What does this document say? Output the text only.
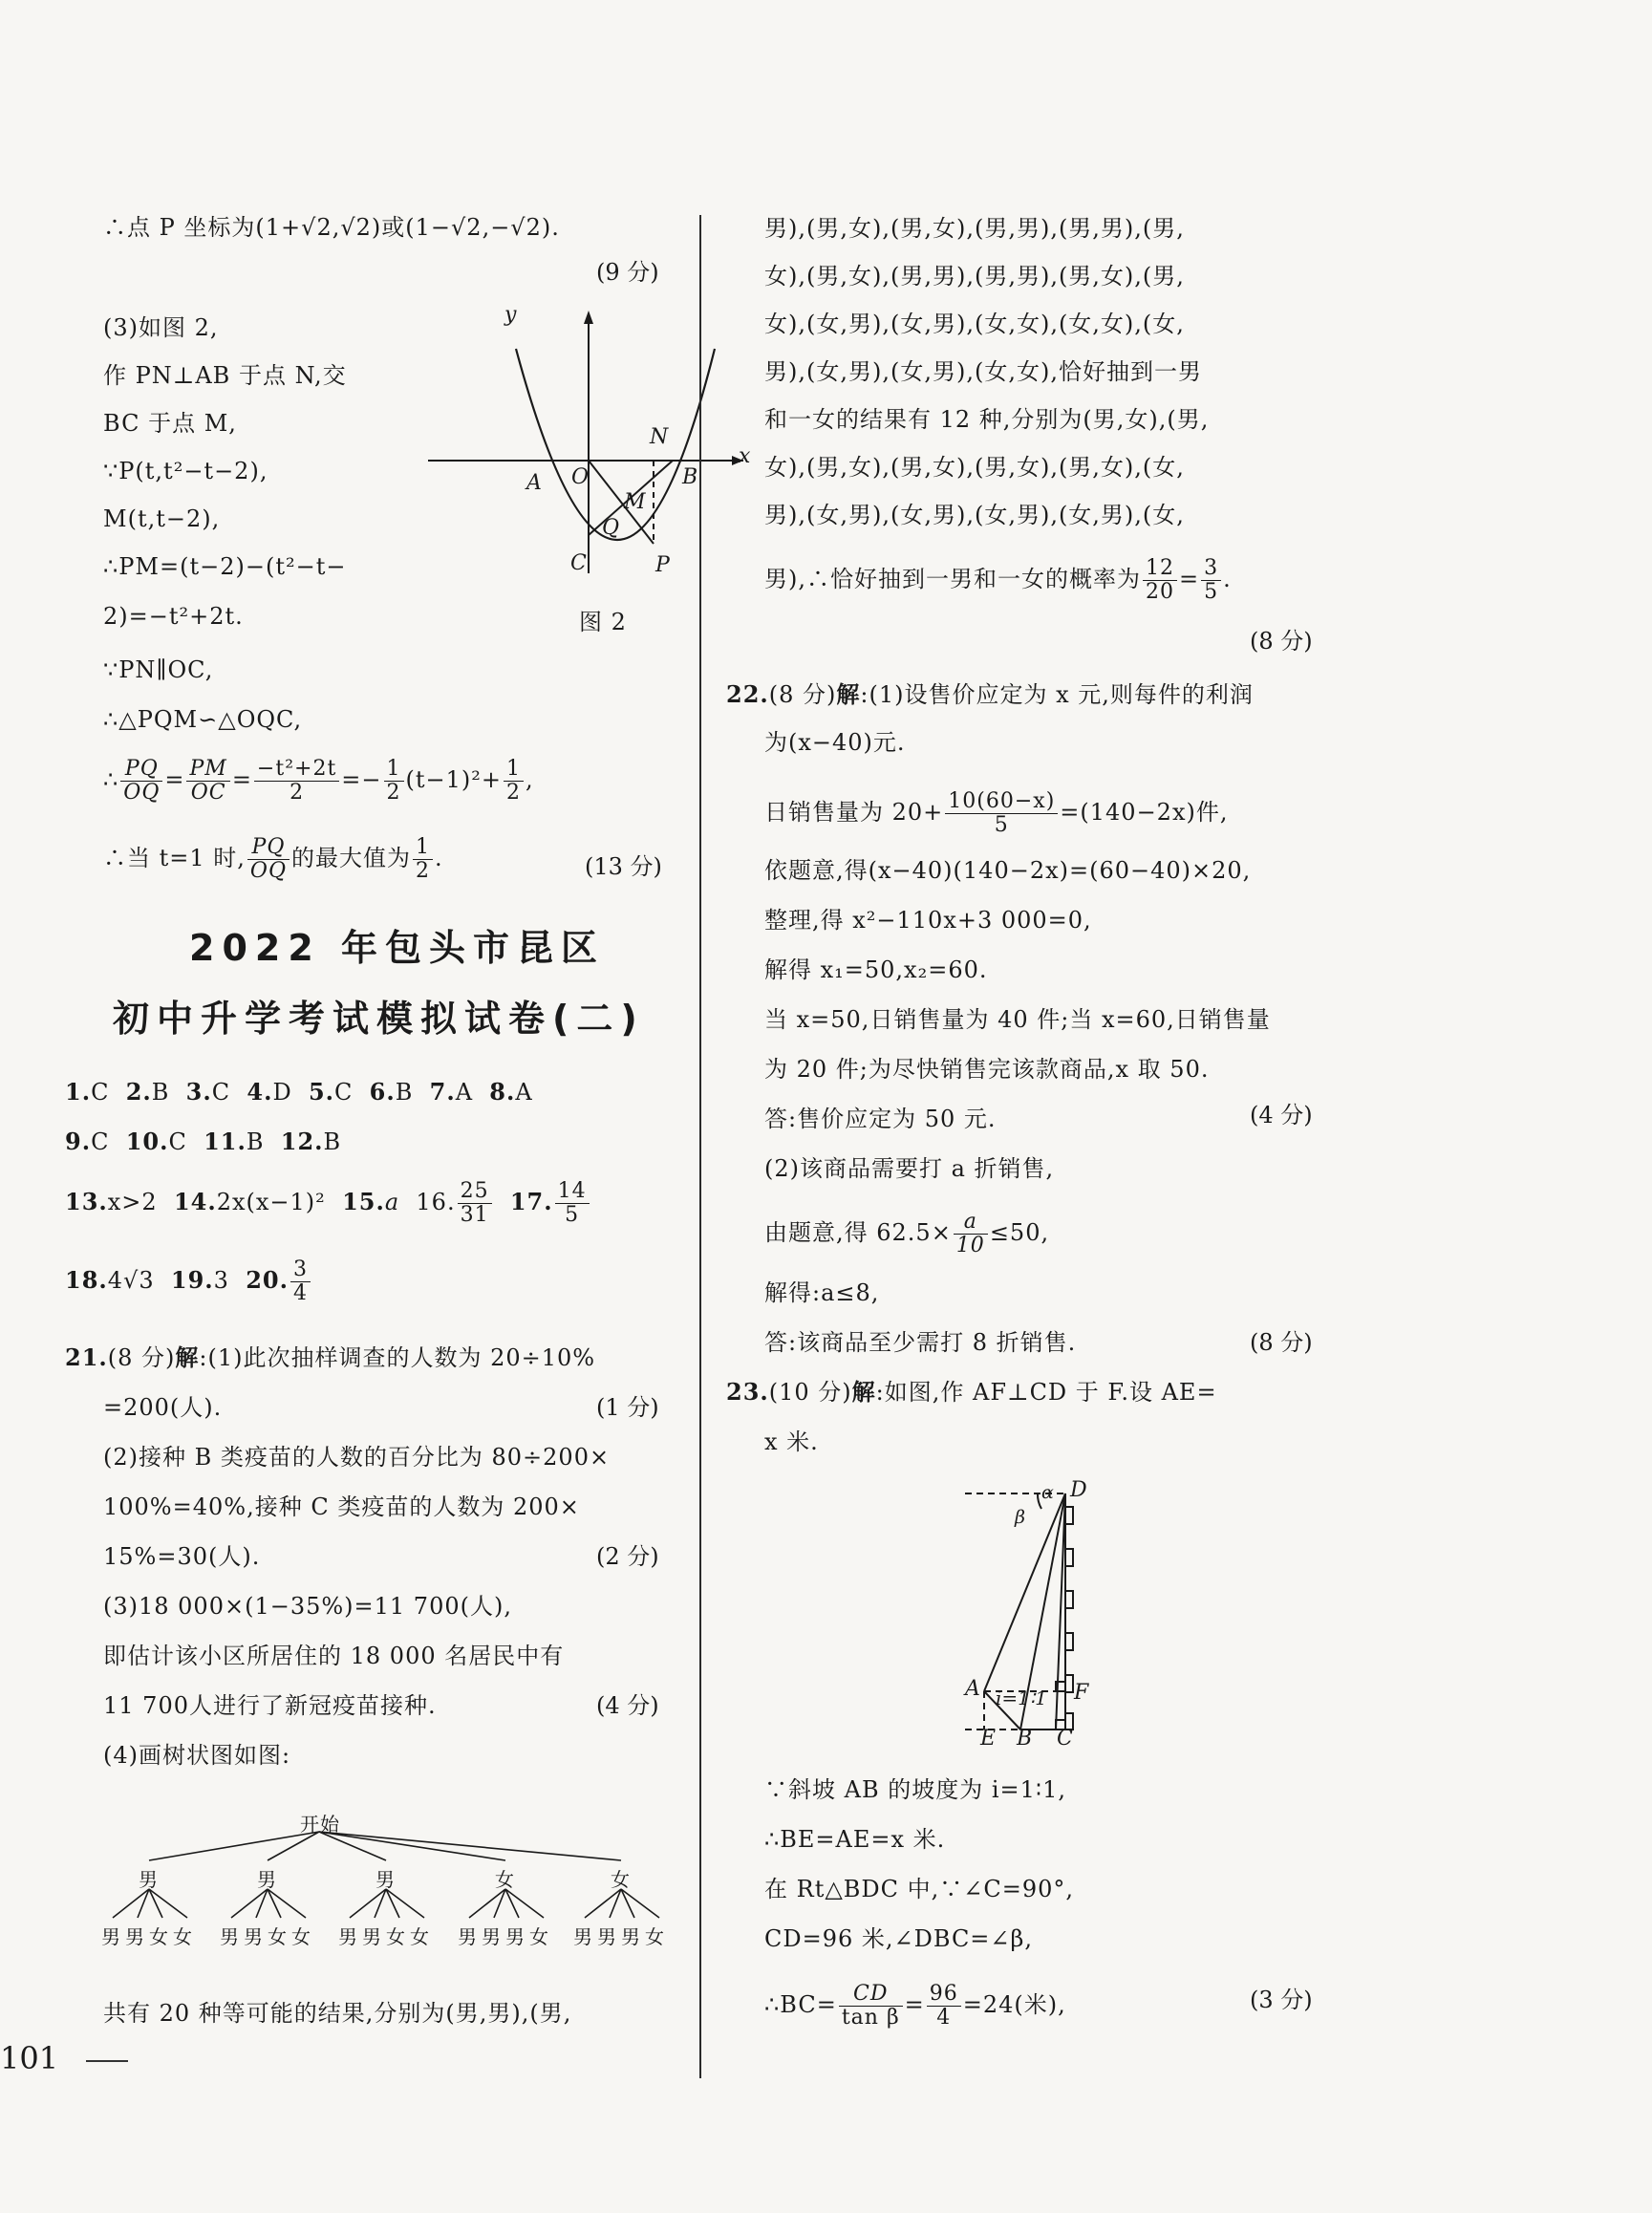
∴点 P 坐标为(1+√2,√2)或(1−√2,−√2).
(9 分)
(3)如图 2,
作 PN⊥AB 于点 N,交
BC 于点 M,
∵P(t,t²−t−2),
M(t,t−2),
∴PM=(t−2)−(t²−t−
2)=−t²+2t.
∵PN∥OC,
∴△PQM∽△OQC,
y
x
N
O
A	B
M
Q
C	P
图 2
∴ $\frac{PQ}{OQ} = \frac{PM}{OC} = \frac{\text{−t²+2t}}{2} =- \frac{1}{2} (t-1)^2+ \frac{1}{2}$ ,
∴当 t=1 时, $\frac{PQ}{OQ}$ 的最大值为 $\frac{1}{2}$ .	(13 分)
2022 年包头市昆区
初中升学考试模拟试卷(二)
1.C 2.B 3.C 4.D 5.C 6.B 7.A 8.A
9.C 10.C 11.B 12.B
13.x>2 14.2x(x−1)² 15.a 16. $\frac{25}{31} 17$. $\frac{14}{5}$
18.4√3 19.3 20. $\frac{3}{4}$
21.(8 分)解:(1)此次抽样调查的人数为 20÷10%
=200(人).	(1 分)
(2)接种 B 类疫苗的人数的百分比为 80÷200×
100%=40%,接种 C 类疫苗的人数为 200×
15%=30(人).	(2 分)
(3)18 000×(1−35%)=11 700(人),
即估计该小区所居住的 18 000 名居民中有
11 700人进行了新冠疫苗接种.	(4 分)
(4)画树状图如图:
开始
男	男	男	女	女
男男女女 男男女女 男男女女 男男男女 男男男女
共有 20 种等可能的结果,分别为(男,男),(男,
男),(男,女),(男,女),(男,男),(男,男),(男,
女),(男,女),(男,男),(男,男),(男,女),(男,
女),(女,男),(女,男),(女,女),(女,女),(女,
男),(女,男),(女,男),(女,女),恰好抽到一男
和一女的结果有 12 种,分别为(男,女),(男,
女),(男,女),(男,女),(男,女),(男,女),(女,
男),(女,男),(女,男),(女,男),(女,男),(女,
男),∴恰好抽到一男和一女的概率为 $\frac{12}{20} = \frac{3}{5}$ .
(8 分)
22.(8 分)解:(1)设售价应定为 x 元,则每件的利润
为(x−40)元.
日销售量为 $20+ \frac{10(60-x)}{5} =(140-2x)$件,
依题意,得(x−40)(140−2x)=(60−40)×20,
整理,得 x²−110x+3 000=0,
解得 x₁=50,x₂=60.
当 x=50,日销售量为 40 件;当 x=60,日销售量
为 20 件;为尽快销售完该款商品,x 取 50.
答:售价应定为 50 元.	(4 分)
(2)该商品需要打 a 折销售,
由题意,得 $62.5\times \frac{a}{10} \le 50$,
解得:a≤8,
答:该商品至少需打 8 折销售.	(8 分)
23.(10 分)解:如图,作 AF⊥CD 于 F.设 AE=
x 米.
D
α
β
A i=1∶1 F
E B C
∵斜坡 AB 的坡度为 i=1∶1,
∴BE=AE=x 米.
在 Rt△BDC 中,∵∠C=90°,
CD=96 米,∠DBC=∠β,
∴BC= $\frac{CD}{\text{tan β}} = \frac{96}{4} =24$(米),	(3 分)
101
